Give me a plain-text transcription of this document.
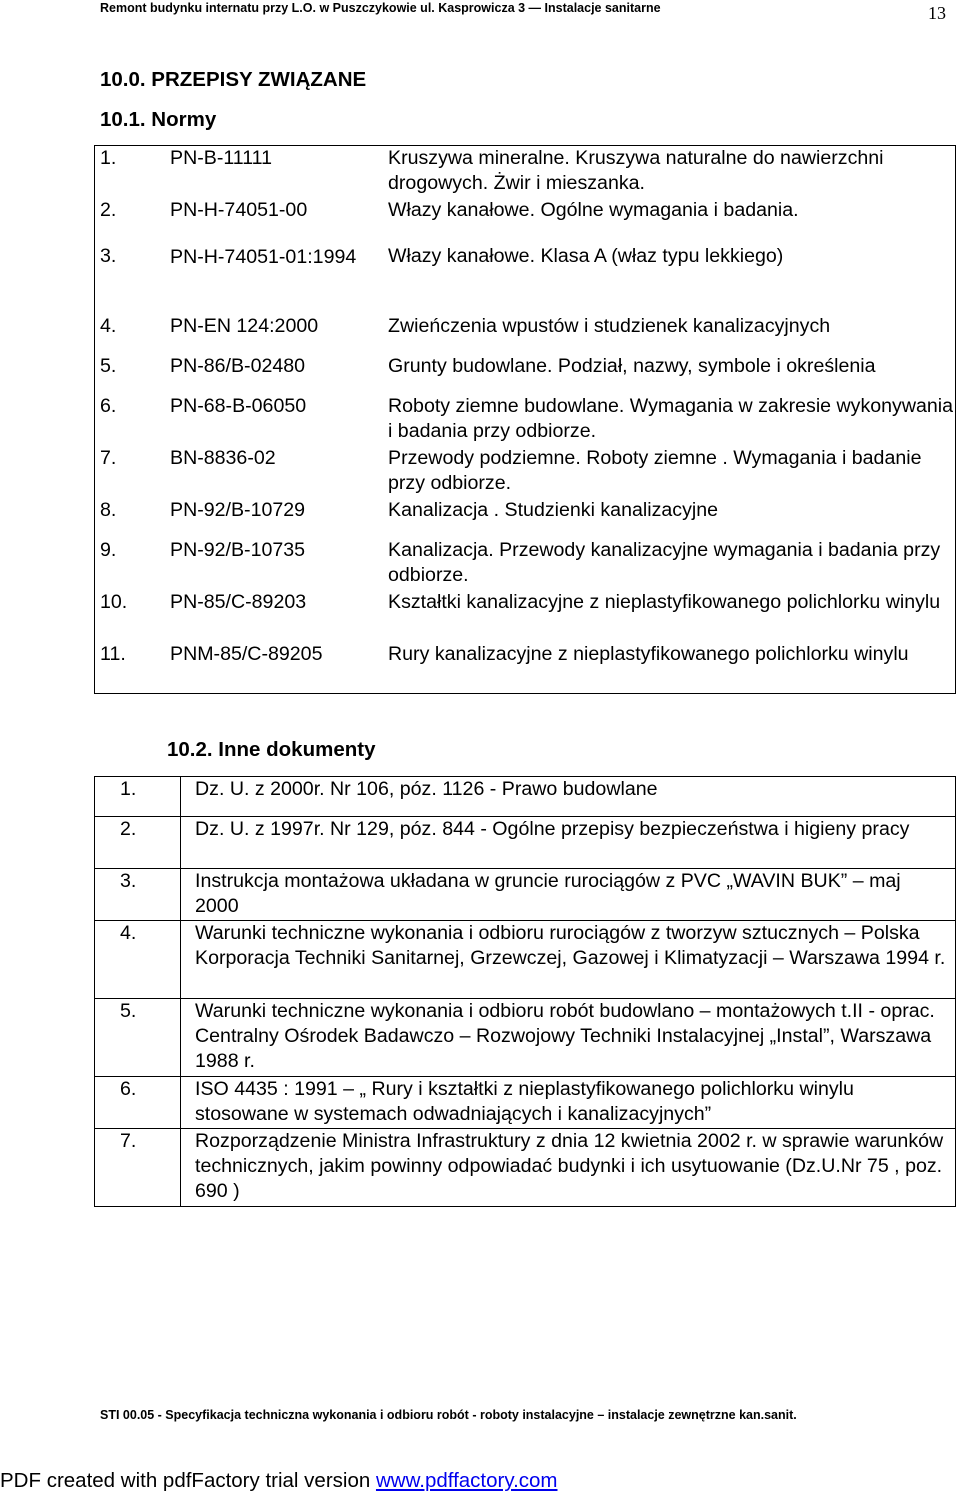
Remont budynku internatu przy L.O. w Puszczykowie ul. Kasprowicza 3 — Instalacje sanitarne	13
10.0. PRZEPISY ZWIĄZANE
10.1. Normy
1.	PN-B-11111	Kruszywa mineralne. Kruszywa naturalne do nawierzchni drogowych. Żwir i mieszanka.
2.	PN-H-74051-00	Włazy kanałowe. Ogólne wymagania i badania.
3.	PN-H-74051-01:1994	Włazy kanałowe. Klasa A (właz typu lekkiego)
4.	PN-EN 124:2000	Zwieńczenia wpustów i studzienek kanalizacyjnych
5.	PN-86/B-02480	Grunty budowlane. Podział, nazwy, symbole i określenia
6.	PN-68-B-06050	Roboty ziemne budowlane. Wymagania w zakresie wykonywania i badania przy odbiorze.
7.	BN-8836-02	Przewody podziemne. Roboty ziemne . Wymagania i badanie przy odbiorze.
8.	PN-92/B-10729	Kanalizacja . Studzienki kanalizacyjne
9.	PN-92/B-10735	Kanalizacja. Przewody kanalizacyjne wymagania i badania przy odbiorze.
10.	PN-85/C-89203	Kształtki kanalizacyjne z nieplastyfikowanego polichlorku winylu
11.	PNM-85/C-89205	Rury kanalizacyjne z nieplastyfikowanego polichlorku winylu
10.2. Inne dokumenty
1.	Dz. U. z 2000r. Nr 106, póz. 1126 - Prawo budowlane
2.	Dz. U. z 1997r. Nr 129, póz. 844 - Ogólne przepisy bezpieczeństwa i higieny pracy
3.	Instrukcja montażowa układana w gruncie rurociągów z PVC „WAVIN BUK” – maj 2000
4.	Warunki techniczne wykonania i odbioru rurociągów z tworzyw sztucznych – Polska Korporacja Techniki Sanitarnej, Grzewczej, Gazowej i Klimatyzacji – Warszawa 1994 r.
5.	Warunki techniczne wykonania i odbioru robót budowlano – montażowych t.II - oprac. Centralny Ośrodek Badawczo – Rozwojowy Techniki Instalacyjnej „Instal”, Warszawa 1988 r.
6.	ISO 4435 : 1991 – „ Rury i kształtki z nieplastyfikowanego polichlorku winylu stosowane w systemach odwadniających i kanalizacyjnych”
7.	Rozporządzenie Ministra Infrastruktury z dnia 12 kwietnia 2002 r. w sprawie warunków technicznych, jakim powinny odpowiadać budynki i ich usytuowanie (Dz.U.Nr 75 , poz. 690 )
STI 00.05 - Specyfikacja techniczna wykonania i odbioru robót - roboty instalacyjne – instalacje zewnętrzne kan.sanit.
PDF created with pdfFactory trial version www.pdffactory.com
